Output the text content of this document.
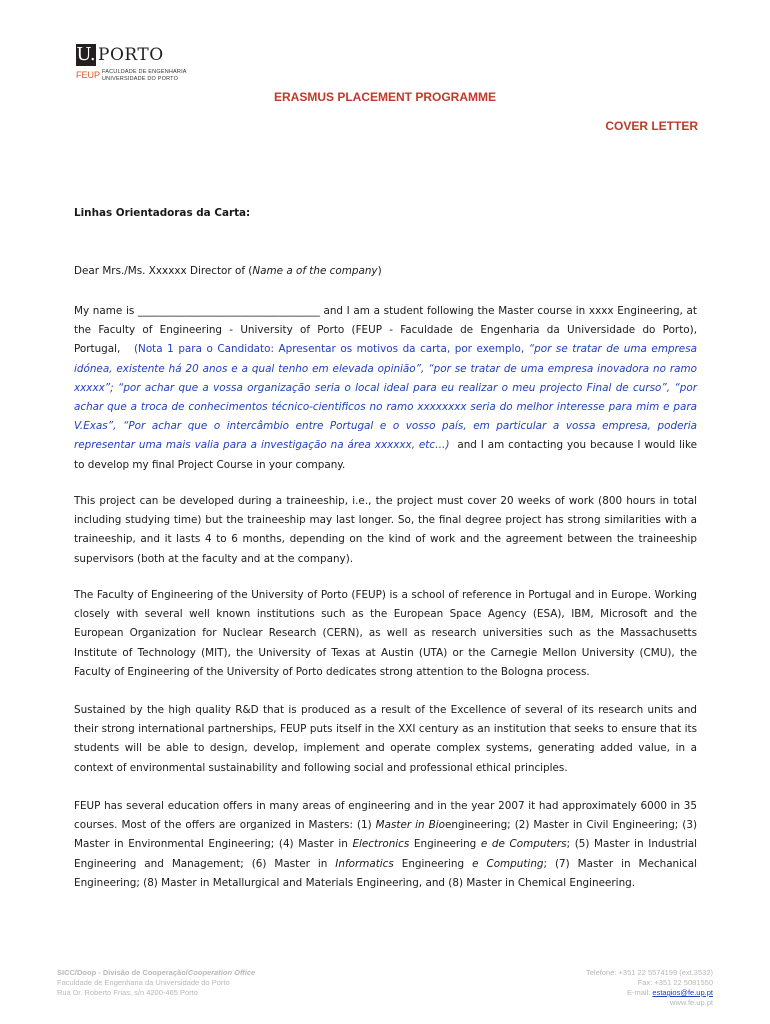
U. PORTO
FEUP FACULDADE DE ENGENHARIA
UNIVERSIDADE DO PORTO
ERASMUS PLACEMENT PROGRAMME
COVER LETTER
Linhas Orientadoras da Carta:
Dear Mrs./Ms. Xxxxxx Director of (Name a of the company)

My name is ___________________________________ and I am a student following the Master course in xxxx Engineering, at the Faculty of Engineering - University of Porto (FEUP - Faculdade de Engenharia da Universidade do Porto), Portugal, (Nota 1 para o Candidato: Apresentar os motivos da carta, por exemplo, “por se tratar de uma empresa idónea, existente há 20 anos e a qual tenho em elevada opinião”, “por se tratar de uma empresa inovadora no ramo xxxxx”; “por achar que a vossa organização seria o local ideal para eu realizar o meu projecto Final de curso”, “por achar que a troca de conhecimentos técnico-cientificos no ramo xxxxxxxx seria do melhor interesse para mim e para V.Exas”, “Por achar que o intercâmbio entre Portugal e o vosso país, em particular a vossa empresa, poderia representar uma mais valia para a investigação na área xxxxxx, etc…) and I am contacting you because I would like to develop my final Project Course in your company.

This project can be developed during a traineeship, i.e., the project must cover 20 weeks of work (800 hours in total including studying time) but the traineeship may last longer. So, the final degree project has strong similarities with a traineeship, and it lasts 4 to 6 months, depending on the kind of work and the agreement between the traineeship supervisors (both at the faculty and at the company).

The Faculty of Engineering of the University of Porto (FEUP) is a school of reference in Portugal and in Europe. Working closely with several well known institutions such as the European Space Agency (ESA), IBM, Microsoft and the European Organization for Nuclear Research (CERN), as well as research universities such as the Massachusetts Institute of Technology (MIT), the University of Texas at Austin (UTA) or the Carnegie Mellon University (CMU), the Faculty of Engineering of the University of Porto dedicates strong attention to the Bologna process.

Sustained by the high quality R&D that is produced as a result of the Excellence of several of its research units and their strong international partnerships, FEUP puts itself in the XXI century as an institution that seeks to ensure that its students will be able to design, develop, implement and operate complex systems, generating added value, in a context of environmental sustainability and following social and professional ethical principles.

FEUP has several education offers in many areas of engineering and in the year 2007 it had approximately 6000 in 35 courses. Most of the offers are organized in Masters: (1) Master in Bioengineering; (2) Master in Civil Engineering; (3) Master in Environmental Engineering; (4) Master in Electronics Engineering e de Computers; (5) Master in Industrial Engineering and Management; (6) Master in Informatics Engineering e Computing; (7) Master in Mechanical Engineering; (8) Master in Metallurgical and Materials Engineering, and (8) Master in Chemical Engineering.

SICC/Doop - Divisão de Cooperação/Cooperation Office
Faculdade de Engenharia da Universidade do Porto
Rua Dr. Roberto Frias, s/n 4200-465 Porto
Telefone: +351 22 5574199 (ext.3532)
Fax: +351 22 5081550
E-mail: estagios@fe.up.pt
www.fe.up.pt
